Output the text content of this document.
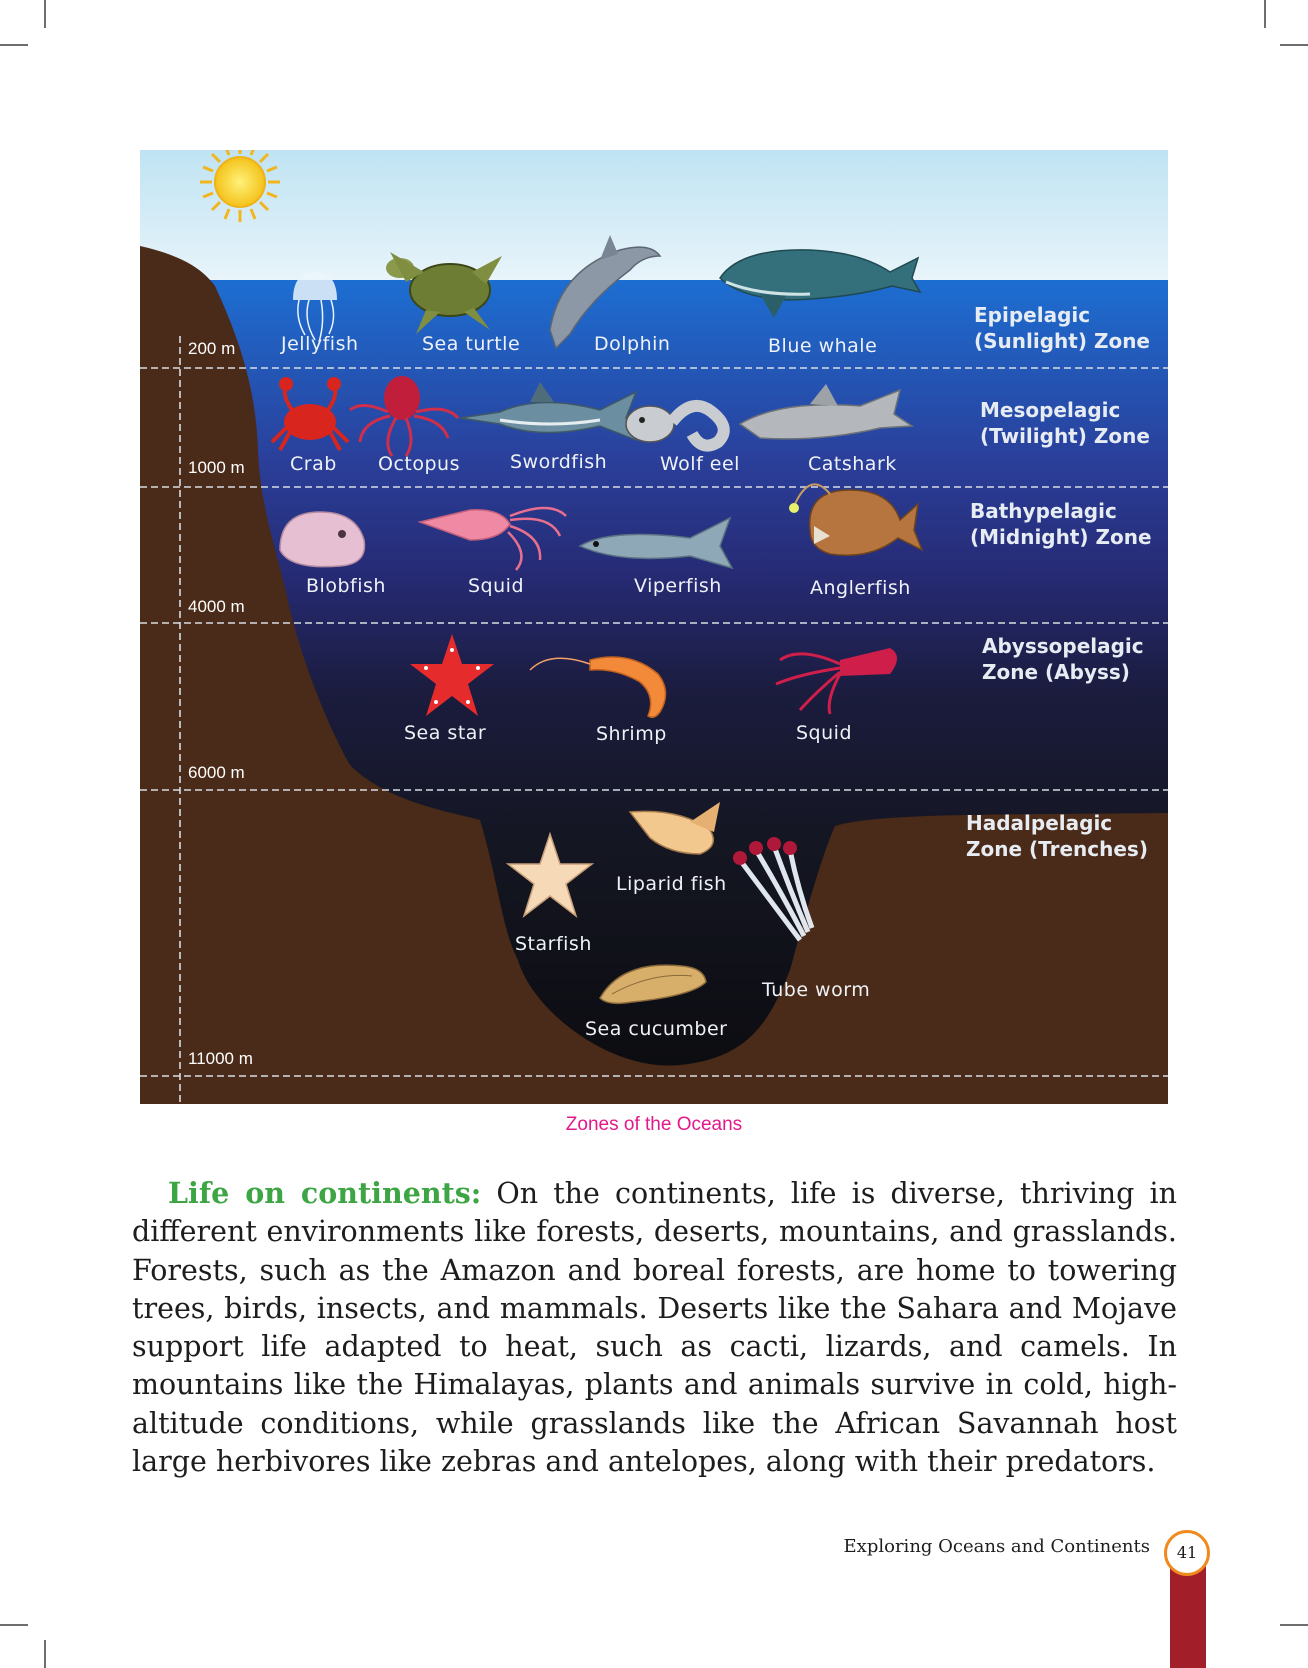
200 m
1000 m
4000 m
6000 m
11000 m
Epipelagic
(Sunlight) Zone
Mesopelagic
(Twilight) Zone
Bathypelagic
(Midnight) Zone
Abyssopelagic
Zone (Abyss)
Hadalpelagic
Zone (Trenches)
Jellyfish	Sea turtle	Dolphin	Blue whale
Crab Octopus	Swordfish	Wolf eel	Catshark
Blobfish	Squid	Viperfish	Anglerfish
Sea star	Shrimp	Squid
Liparid fish
Starfish
Tube worm
Sea cucumber
Zones of the Oceans

Life on continents: On the continents, life is diverse, thriving in different environments like forests, deserts, mountains, and grasslands. Forests, such as the Amazon and boreal forests, are home to towering trees, birds, insects, and mammals. Deserts like the Sahara and Mojave support life adapted to heat, such as cacti, lizards, and camels. In mountains like the Himalayas, plants and animals survive in cold, high-altitude conditions, while grasslands like the African Savannah host large herbivores like zebras and antelopes, along with their predators.

Exploring Oceans and Continents	41
